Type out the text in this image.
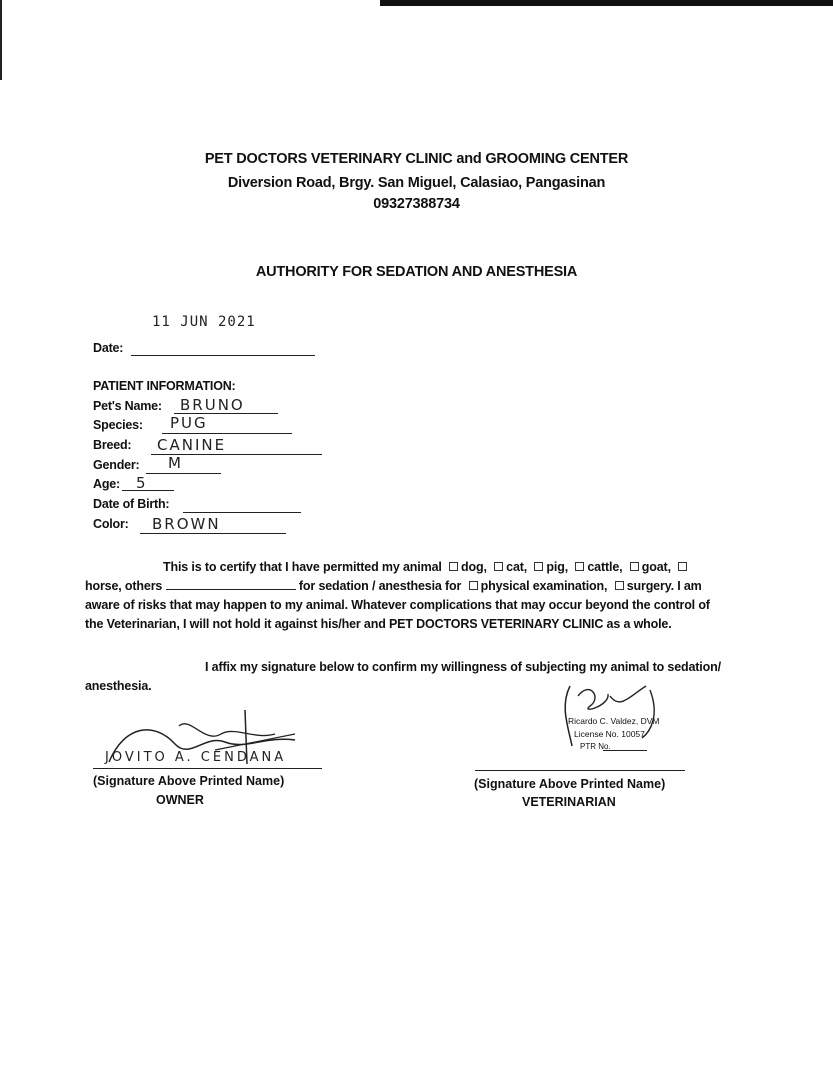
PET DOCTORS VETERINARY CLINIC and GROOMING CENTER
Diversion Road, Brgy. San Miguel, Calasiao, Pangasinan
09327388734
AUTHORITY FOR SEDATION AND ANESTHESIA
11 JUN 2021
Date:
PATIENT INFORMATION:
Pet's Name: BRUNO
Species: PUG
Breed: CANINE
Gender: M
Age: 5
Date of Birth:
Color: BROWN
This is to certify that I have permitted my animal dog, cat, pig, cattle, goat, horse, others	for sedation / anesthesia for physical examination, surgery. I am aware of risks that may happen to my animal. Whatever complications that may occur beyond the control of the Veterinarian, I will not hold it against his/her and PET DOCTORS VETERINARY CLINIC as a whole.
I affix my signature below to confirm my willingness of subjecting my animal to sedation/ anesthesia.
JOVITO A. CENDANA
(Signature Above Printed Name)
OWNER
Ricardo C. Valdez, DVM
License No. 10057
PTR No.
(Signature Above Printed Name)
VETERINARIAN
